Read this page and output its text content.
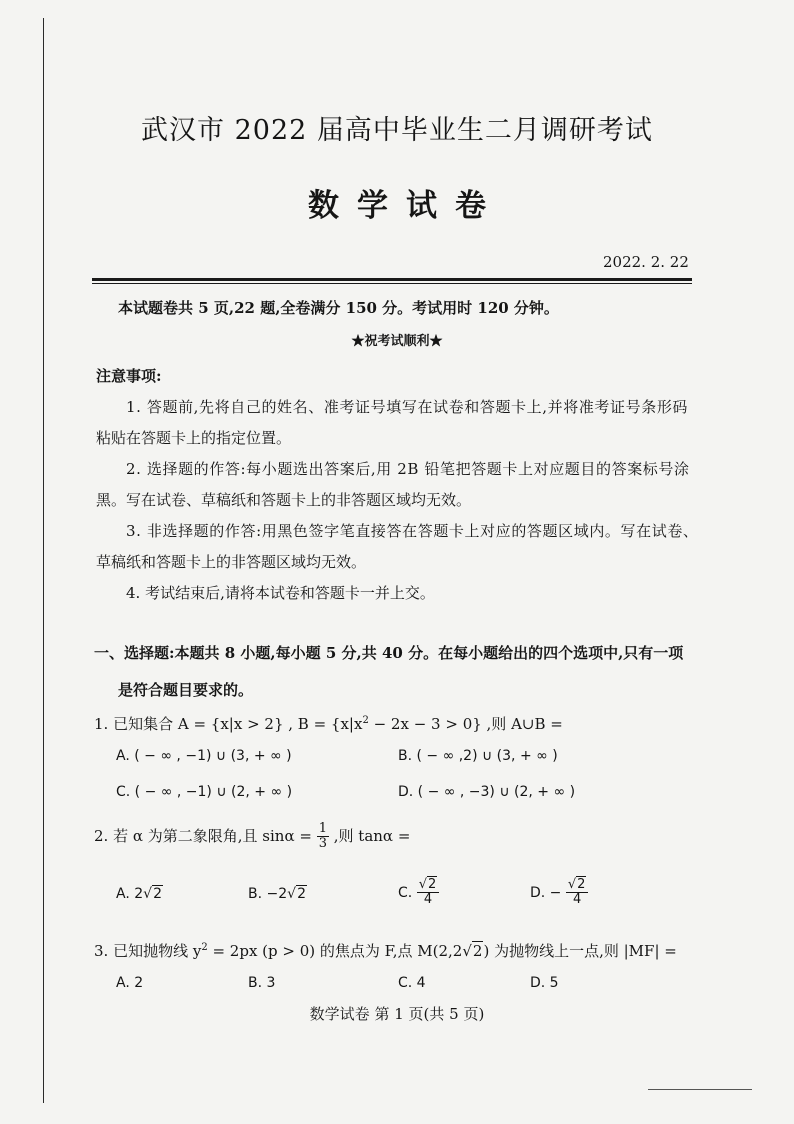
武汉市 2022 届高中毕业生二月调研考试
数学试卷
2022. 2. 22
本试题卷共 5 页,22 题,全卷满分 150 分。考试用时 120 分钟。
★祝考试顺利★
注意事项:
1. 答题前,先将自己的姓名、准考证号填写在试卷和答题卡上,并将准考证号条形码
粘贴在答题卡上的指定位置。
2. 选择题的作答:每小题选出答案后,用 2B 铅笔把答题卡上对应题目的答案标号涂
黑。写在试卷、草稿纸和答题卡上的非答题区域均无效。
3. 非选择题的作答:用黑色签字笔直接答在答题卡上对应的答题区域内。写在试卷、
草稿纸和答题卡上的非答题区域均无效。
4. 考试结束后,请将本试卷和答题卡一并上交。
一、选择题:本题共 8 小题,每小题 5 分,共 40 分。在每小题给出的四个选项中,只有一项
是符合题目要求的。
1. 已知集合 A = {x|x > 2} , $B = \{x|x^2 - 2x - 3 > 0\}$ ,则 A∪B =
A. ( − ∞ , −1) ∪ (3, + ∞ )	B. ( − ∞ ,2) ∪ (3, + ∞ )
C. ( − ∞ , −1) ∪ (2, + ∞ )	D. ( − ∞ , −3) ∪ (2, + ∞ )
2. 若 α 为第二象限角,且 $\sin\alpha = \frac{1}{3}$ ,则 tanα =
A. 2√2	B. −2√2	C. $\frac{√2}{4}$	D. − $\frac{√2}{4}$
3. 已知抛物线 $y^2 = 2px$ (p > 0) 的焦点为 F,点 M(2,2√2) 为抛物线上一点,则 |MF| =
A. 2	B. 3	C. 4	D. 5
数学试卷 第 1 页(共 5 页)
